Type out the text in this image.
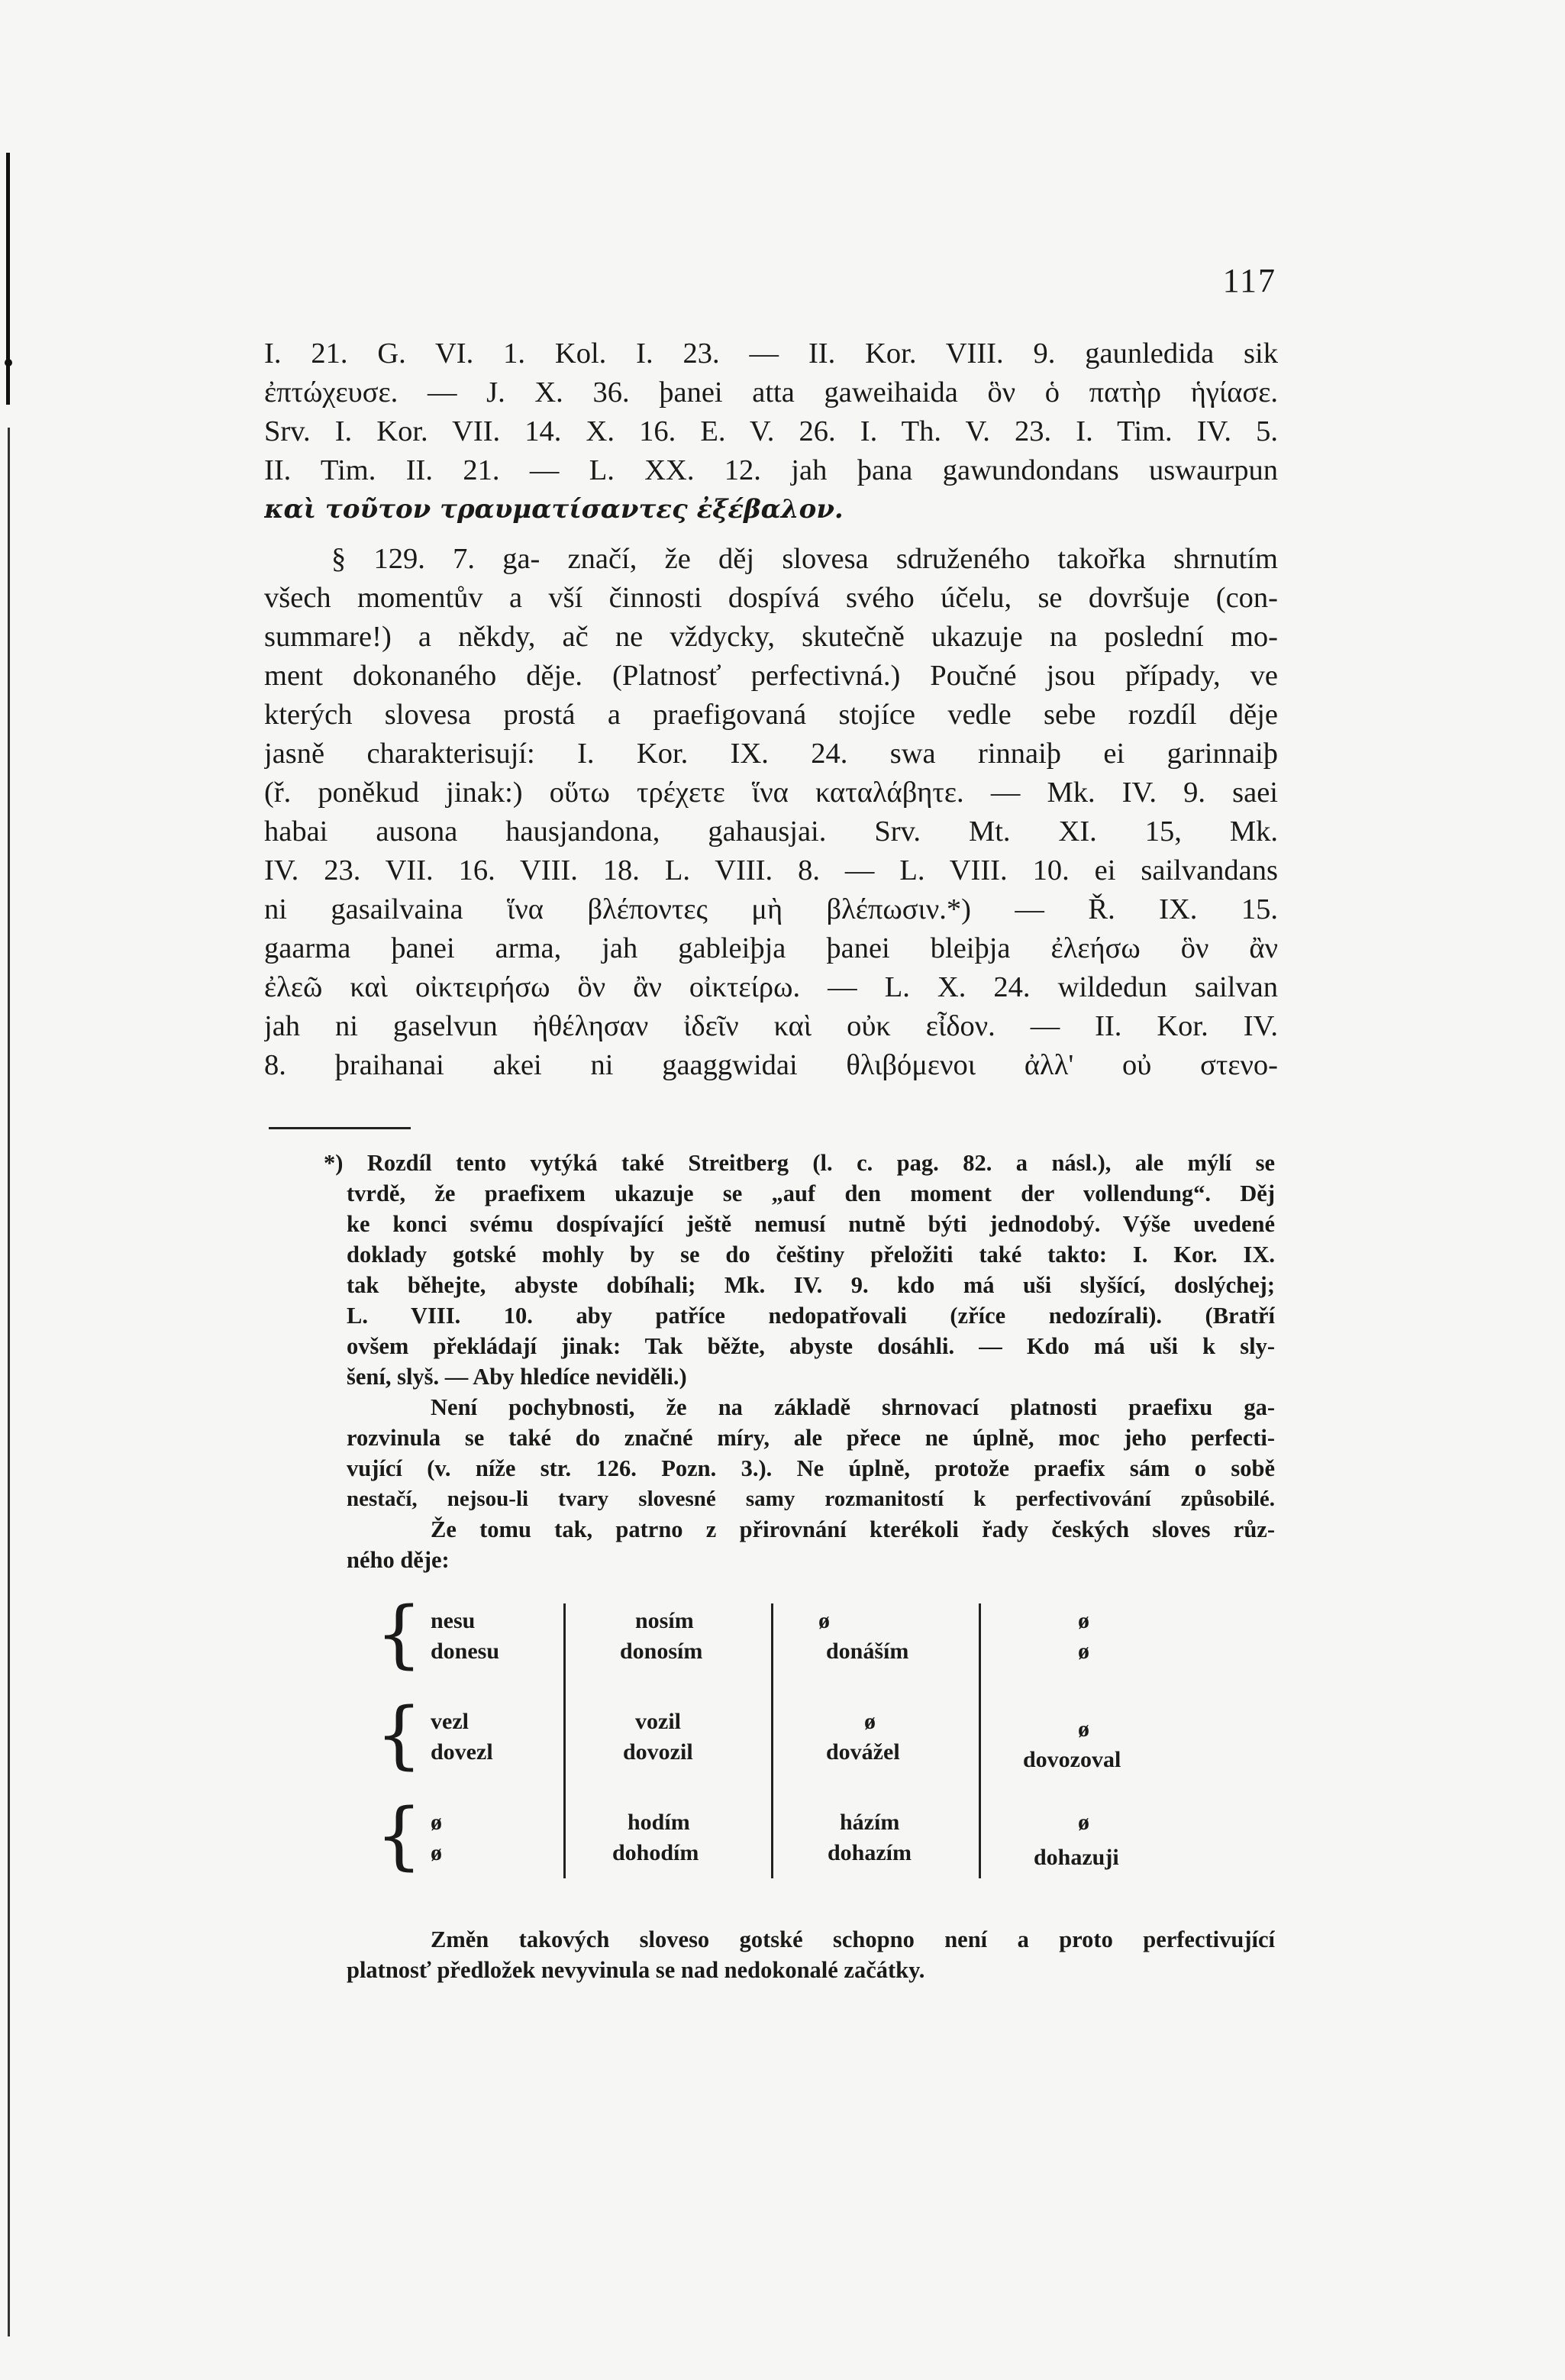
117
I. 21. G. VI. 1. Kol. I. 23. — II. Kor. VIII. 9. gaunledida sik
ἐπτώχευσε. — J. X. 36. þanei atta gaweihaida ὃν ὁ πατὴρ ἡγίασε.
Srv. I. Kor. VII. 14. X. 16. E. V. 26. I. Th. V. 23. I. Tim. IV. 5.
II. Tim. II. 21. — L. XX. 12. jah þana gawundondans uswaurpun
καὶ τοῦτον τραυματίσαντες ἐξέβαλον.
§ 129. 7. ga- značí, že děj slovesa sdruženého takořka shrnutím
všech momentův a vší činnosti dospívá svého účelu, se dovršuje (con-
summare!) a někdy, ač ne vždycky, skutečně ukazuje na poslední mo-
ment dokonaného děje. (Platnosť perfectivná.) Poučné jsou případy, ve
kterých slovesa prostá a praefigovaná stojíce vedle sebe rozdíl děje
jasně charakterisují: I. Kor. IX. 24. swa rinnaiþ ei garinnaiþ
(ř. poněkud jinak:) οὕτω τρέχετε ἵνα καταλάβητε. — Mk. IV. 9. saei
habai ausona hausjandona, gahausjai. Srv. Mt. XI. 15, Mk.
IV. 23. VII. 16. VIII. 18. L. VIII. 8. — L. VIII. 10. ei sailvandans
ni gasailvaina ἵνα βλέποντες μὴ βλέπωσιν.*) — Ř. IX. 15.
gaarma þanei arma, jah gableiþja þanei bleiþja ἐλεήσω ὃν ἂν
ἐλεῶ καὶ οἰκτειρήσω ὃν ἂν οἰκτείρω. — L. X. 24. wildedun sailvan
jah ni gaselvun ἠθέλησαν ἰδεῖν καὶ οὐκ εἶδον. — II. Kor. IV.
8. þraihanai akei ni gaaggwidai θλιβόμενοι ἀλλ' οὐ στενο-
*) Rozdíl tento vytýká také Streitberg (l. c. pag. 82. a násl.), ale mýlí se
tvrdě, že praefixem ukazuje se „auf den moment der vollendung“. Děj
ke konci svému dospívající ještě nemusí nutně býti jednodobý. Výše uvedené
doklady gotské mohly by se do češtiny přeložiti také takto: I. Kor. IX.
tak běhejte, abyste dobíhali; Mk. IV. 9. kdo má uši slyšící, doslýchej;
L. VIII. 10. aby patříce nedopatřovali (zříce nedozírali). (Bratří
ovšem překládají jinak: Tak běžte, abyste dosáhli. — Kdo má uši k sly-
šení, slyš. — Aby hledíce neviděli.)
Není pochybnosti, že na základě shrnovací platnosti praefixu ga-
rozvinula se také do značné míry, ale přece ne úplně, moc jeho perfecti-
vující (v. níže str. 126. Pozn. 3.). Ne úplně, protože praefix sám o sobě
nestačí, nejsou-li tvary slovesné samy rozmanitostí k perfectivování způsobilé.
Že tomu tak, patrno z přirovnání kterékoli řady českých sloves růz-
ného děje:
{ nesu	nosím	ø	ø
donesu	donosím	donáším	ø
{ vezl	vozil	ø	ø
dovezl	dovozil	dovážel	dovozoval
{ ø	hodím	házím	ø
ø	dohodím	dohazím	dohazuji
Změn takových sloveso gotské schopno není a proto perfectivující
platnosť předložek nevyvinula se nad nedokonalé začátky.
